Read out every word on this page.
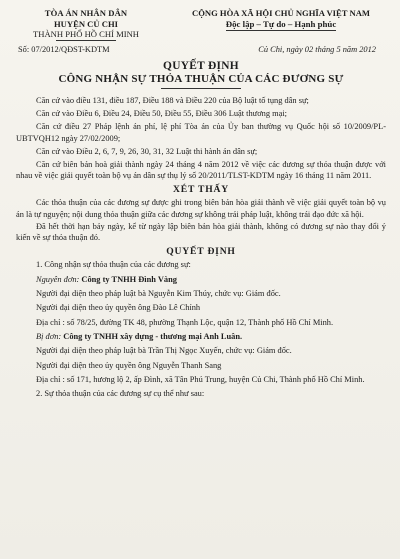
TÒA ÁN NHÂN DÂN
HUYỆN CỦ CHI
THÀNH PHỐ HỒ CHÍ MINH
CỘNG HÒA XÃ HỘI CHỦ NGHĨA VIỆT NAM
Độc lập – Tự do – Hạnh phúc
Số: 07/2012/QĐST-KDTM	Củ Chi, ngày 02 tháng 5 năm 2012
QUYẾT ĐỊNH
CÔNG NHẬN SỰ THỎA THUẬN CỦA CÁC ĐƯƠNG SỰ

Căn cứ vào điều 131, điều 187, Điều 188 và Điều 220 của Bộ luật tố tụng dân sự;

Căn cứ vào Điều 6, Điều 24, Điều 50, Điều 55, Điều 306 Luật thương mại;

Căn cứ điều 27 Pháp lệnh án phí, lệ phí Tòa án của Ủy ban thường vụ Quốc hội số 10/2009/PL-UBTVQH12 ngày 27/02/2009;

Căn cứ vào Điều 2, 6, 7, 9, 26, 30, 31, 32 Luật thi hành án dân sự;

Căn cứ biên bản hoà giải thành ngày 24 tháng 4 năm 2012 về việc các đương sự thỏa thuận được với nhau về việc giải quyết toàn bộ vụ án dân sự thụ lý số 20/2011/TLST-KDTM ngày 16 tháng 11 năm 2011.

XÉT THẤY

Các thỏa thuận của các đương sự được ghi trong biên bản hòa giải thành về việc giải quyết toàn bộ vụ án là tự nguyện; nội dung thỏa thuận giữa các đương sự không trái pháp luật, không trái đạo đức xã hội.

Đã hết thời hạn bảy ngày, kể từ ngày lập biên bản hòa giải thành, không có đương sự nào thay đổi ý kiến về sự thỏa thuận đó.

QUYẾT ĐỊNH

1. Công nhận sự thỏa thuận của các đương sự:

Nguyên đơn: Công ty TNHH Đình Vàng

Người đại diện theo pháp luật bà Nguyễn Kim Thúy, chức vụ: Giám đốc.

Người đại diện theo ủy quyền ông Đào Lê Chính

Địa chỉ : số 78/25, đường TK 48, phường Thạnh Lộc, quận 12, Thành phố Hồ Chí Minh.

Bị đơn: Công ty TNHH xây dựng - thương mại Anh Luân.

Người đại diện theo pháp luật bà Trần Thị Ngọc Xuyến, chức vụ: Giám đốc.

Người đại diện theo ủy quyền ông Nguyễn Thanh Sang

Địa chỉ : số 171, hương lộ 2, ấp Đình, xã Tân Phú Trung, huyện Củ Chi, Thành phố Hồ Chí Minh.

2. Sự thỏa thuận của các đương sự cụ thể như sau:
